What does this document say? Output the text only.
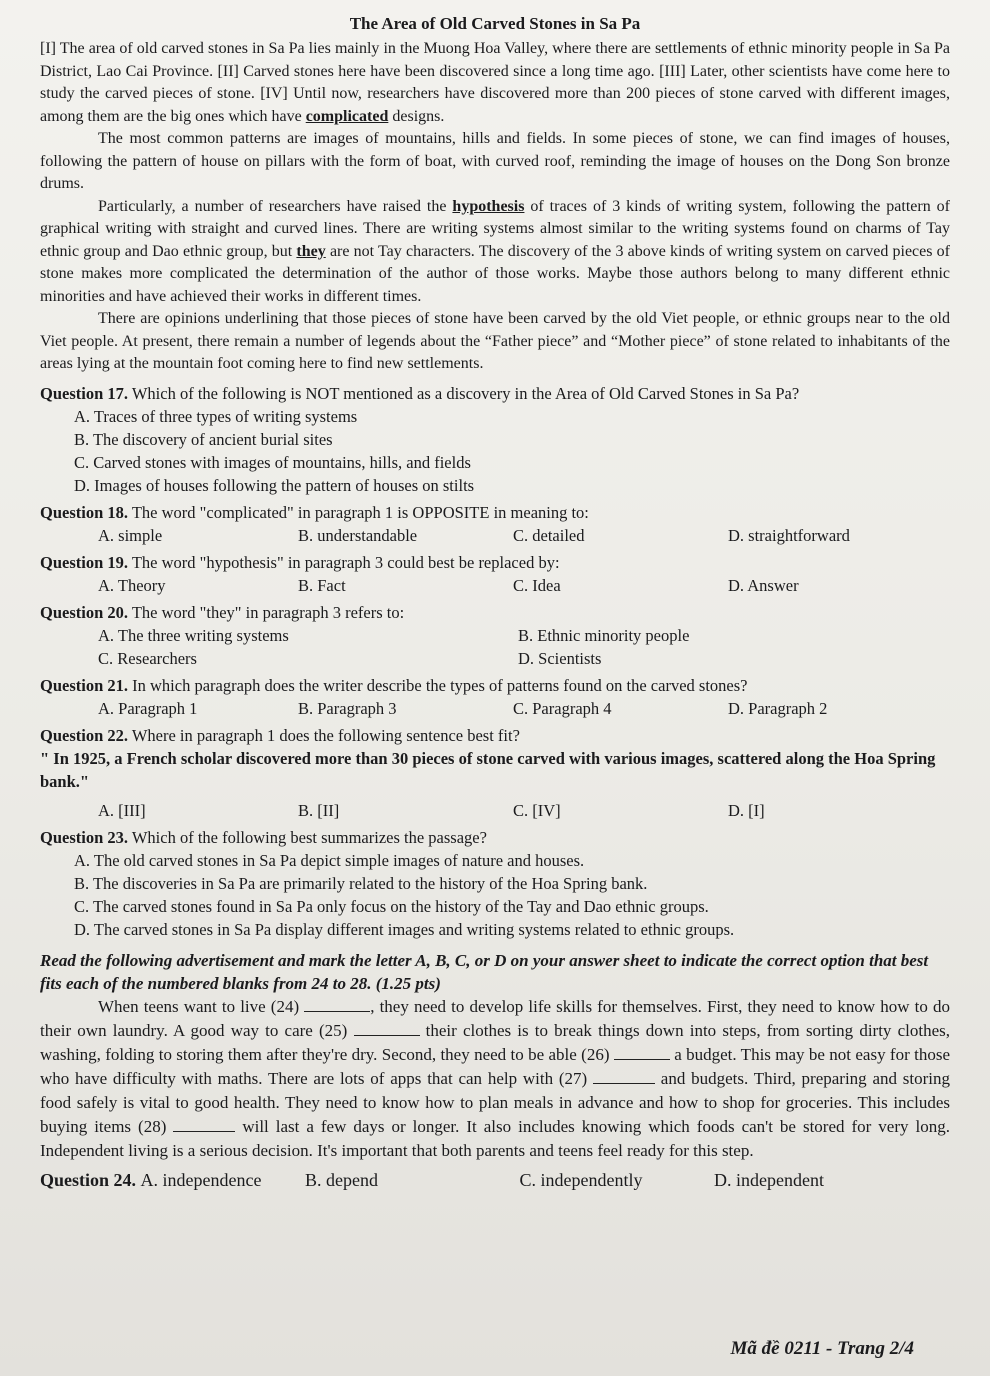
The Area of Old Carved Stones in Sa Pa

[I] The area of old carved stones in Sa Pa lies mainly in the Muong Hoa Valley, where there are settlements of ethnic minority people in Sa Pa District, Lao Cai Province. [II] Carved stones here have been discovered since a long time ago. [III] Later, other scientists have come here to study the carved pieces of stone. [IV] Until now, researchers have discovered more than 200 pieces of stone carved with different images, among them are the big ones which have complicated designs.

The most common patterns are images of mountains, hills and fields. In some pieces of stone, we can find images of houses, following the pattern of house on pillars with the form of boat, with curved roof, reminding the image of houses on the Dong Son bronze drums.

Particularly, a number of researchers have raised the hypothesis of traces of 3 kinds of writing system, following the pattern of graphical writing with straight and curved lines. There are writing systems almost similar to the writing systems found on charms of Tay ethnic group and Dao ethnic group, but they are not Tay characters. The discovery of the 3 above kinds of writing system on carved pieces of stone makes more complicated the determination of the author of those works. Maybe those authors belong to many different ethnic minorities and have achieved their works in different times.

There are opinions underlining that those pieces of stone have been carved by the old Viet people, or ethnic groups near to the old Viet people. At present, there remain a number of legends about the “Father piece” and “Mother piece” of stone related to inhabitants of the areas lying at the mountain foot coming here to find new settlements.

Question 17. Which of the following is NOT mentioned as a discovery in the Area of Old Carved Stones in Sa Pa?
A. Traces of three types of writing systems
B. The discovery of ancient burial sites
C. Carved stones with images of mountains, hills, and fields
D. Images of houses following the pattern of houses on stilts
Question 18. The word "complicated" in paragraph 1 is OPPOSITE in meaning to:
A. simple	B. understandable	C. detailed	D. straightforward
Question 19. The word "hypothesis" in paragraph 3 could best be replaced by:
A. Theory	B. Fact	C. Idea	D. Answer
Question 20. The word "they" in paragraph 3 refers to:
A. The three writing systems	B. Ethnic minority people
C. Researchers	D. Scientists
Question 21. In which paragraph does the writer describe the types of patterns found on the carved stones?
A. Paragraph 1	B. Paragraph 3	C. Paragraph 4	D. Paragraph 2
Question 22. Where in paragraph 1 does the following sentence best fit?
" In 1925, a French scholar discovered more than 30 pieces of stone carved with various images, scattered along the Hoa Spring bank."
A. [III]	B. [II]	C. [IV]	D. [I]
Question 23. Which of the following best summarizes the passage?
A. The old carved stones in Sa Pa depict simple images of nature and houses.
B. The discoveries in Sa Pa are primarily related to the history of the Hoa Spring bank.
C. The carved stones found in Sa Pa only focus on the history of the Tay and Dao ethnic groups.
D. The carved stones in Sa Pa display different images and writing systems related to ethnic groups.
Read the following advertisement and mark the letter A, B, C, or D on your answer sheet to indicate the correct option that best fits each of the numbered blanks from 24 to 28. (1.25 pts)

When teens want to live (24)	, they need to develop life skills for themselves. First, they need to know how to do their own laundry. A good way to care (25)	their clothes is to break things down into steps, from sorting dirty clothes, washing, folding to storing them after they're dry. Second, they need to be able (26)	a budget. This may be not easy for those who have difficulty with maths. There are lots of apps that can help with (27)	and budgets. Third, preparing and storing food safely is vital to good health. They need to know how to plan meals in advance and how to shop for groceries. This includes buying items (28)	will last a few days or longer. It also includes knowing which foods can't be stored for very long. Independent living is a serious decision. It's important that both parents and teens feel ready for this step.

Question 24. A. independence B. depend	C. independently	D. independent
Mã đề 0211 - Trang 2/4
